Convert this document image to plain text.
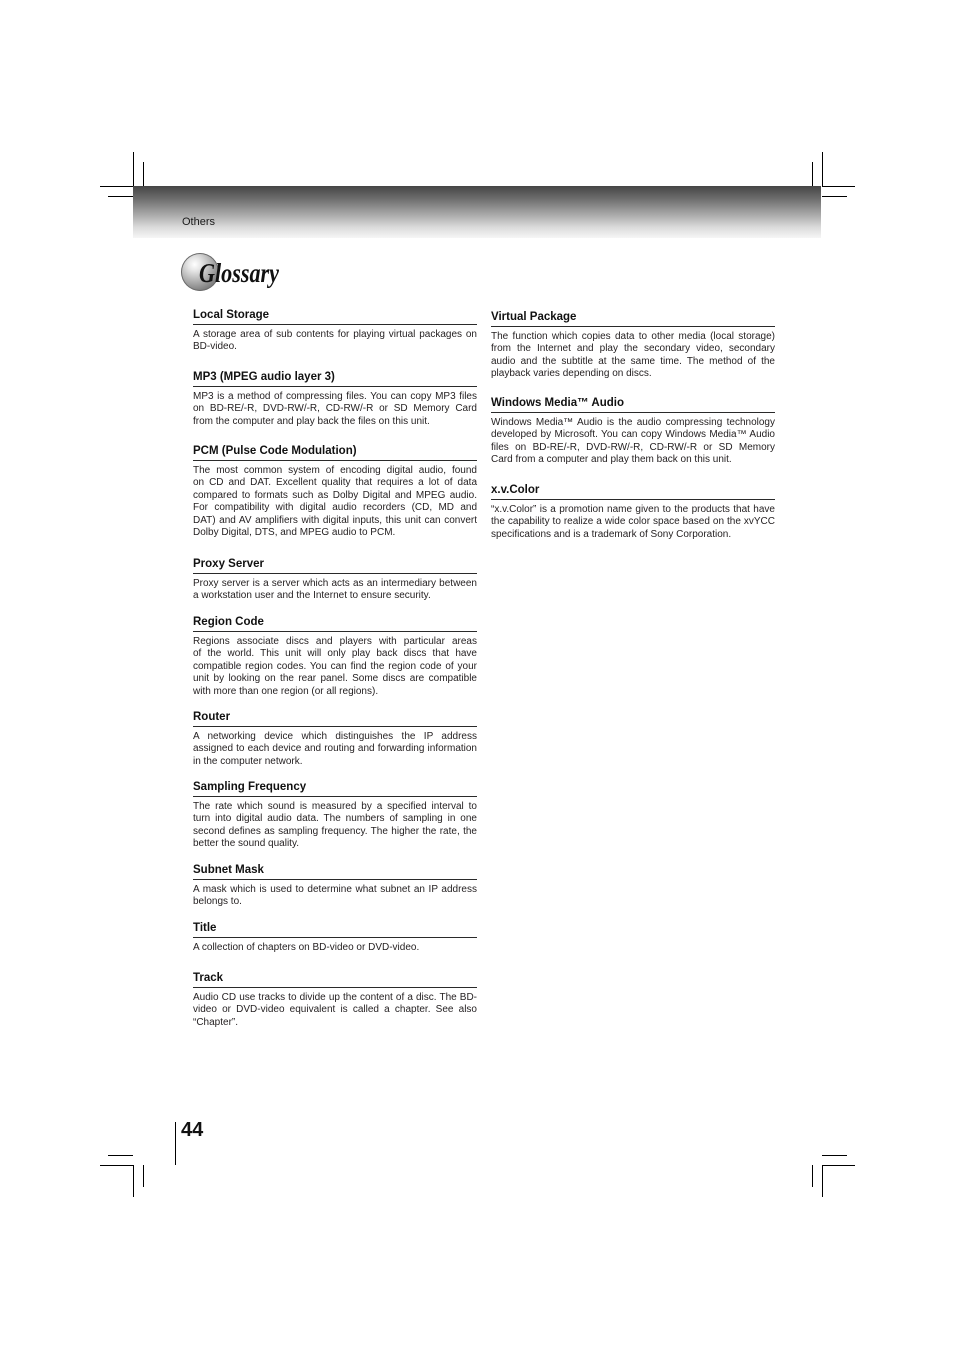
Others
Glossary
Local Storage
A storage area of sub contents for playing virtual packages on
BD-video.
MP3 (MPEG audio layer 3)
MP3 is a method of compressing files. You can copy MP3 files
on BD-RE/-R, DVD-RW/-R, CD-RW/-R or SD Memory Card
from the computer and play back the files on this unit.
PCM (Pulse Code Modulation)
The most common system of encoding digital audio, found
on CD and DAT. Excellent quality that requires a lot of data
compared to formats such as Dolby Digital and MPEG audio.
For compatibility with digital audio recorders (CD, MD and
DAT) and AV amplifiers with digital inputs, this unit can convert
Dolby Digital, DTS, and MPEG audio to PCM.
Proxy Server
Proxy server is a server which acts as an intermediary between
a workstation user and the Internet to ensure security.
Region Code
Regions associate discs and players with particular areas
of the world. This unit will only play back discs that have
compatible region codes. You can find the region code of your
unit by looking on the rear panel. Some discs are compatible
with more than one region (or all regions).
Router
A networking device which distinguishes the IP address
assigned to each device and routing and forwarding information
in the computer network.
Sampling Frequency
The rate which sound is measured by a specified interval to
turn into digital audio data. The numbers of sampling in one
second defines as sampling frequency. The higher the rate, the
better the sound quality.
Subnet Mask
A mask which is used to determine what subnet an IP address
belongs to.
Title
A collection of chapters on BD-video or DVD-video.
Track
Audio CD use tracks to divide up the content of a disc. The BD-
video or DVD-video equivalent is called a chapter. See also
“Chapter”.
Virtual Package
The function which copies data to other media (local storage)
from the Internet and play the secondary video, secondary
audio and the subtitle at the same time. The method of the
playback varies depending on discs.
Windows Media™ Audio
Windows Media™ Audio is the audio compressing technology
developed by Microsoft. You can copy Windows Media™ Audio
files on BD-RE/-R, DVD-RW/-R, CD-RW/-R or SD Memory
Card from a computer and play them back on this unit.
x.v.Color
“x.v.Color” is a promotion name given to the products that have
the capability to realize a wide color space based on the xvYCC
specifications and is a trademark of Sony Corporation.
44
